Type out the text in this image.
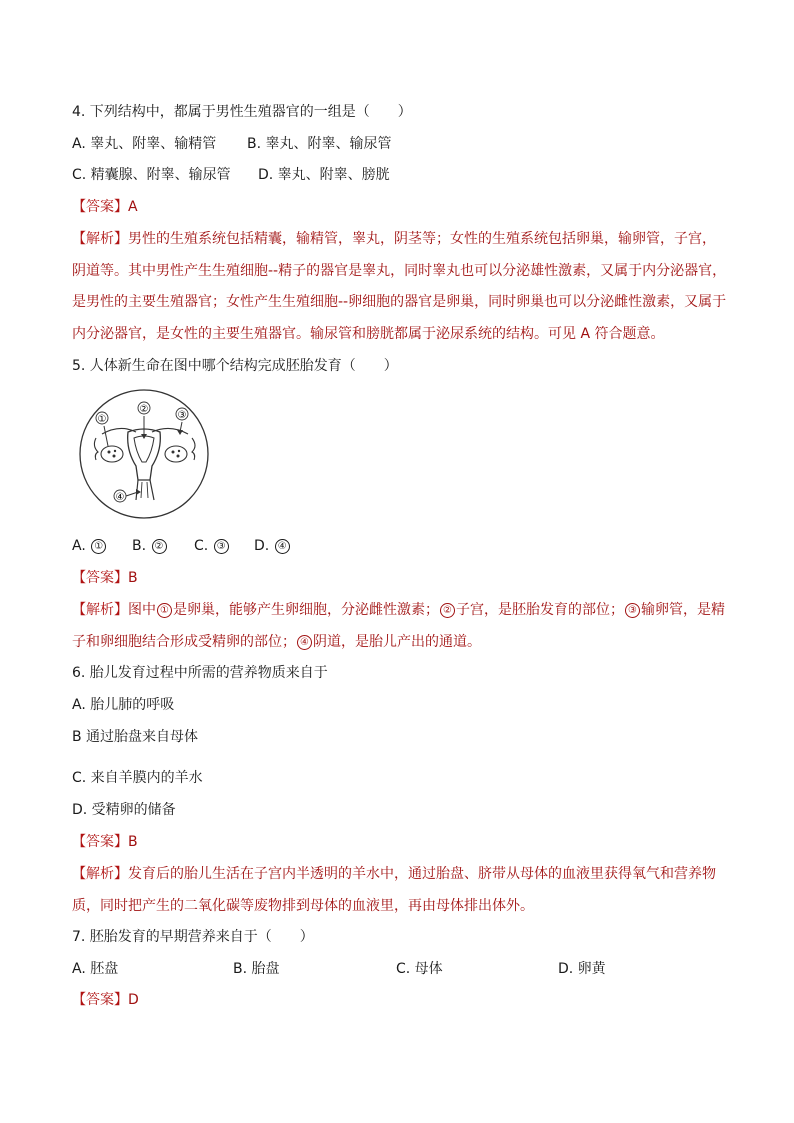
4. 下列结构中，都属于男性生殖器官的一组是（　　）
A. 睾丸、附睾、输精管 B. 睾丸、附睾、输尿管
C. 精囊腺、附睾、输尿管 D. 睾丸、附睾、膀胱
【答案】A
【解析】男性的生殖系统包括精囊，输精管，睾丸，阴茎等；女性的生殖系统包括卵巢，输卵管，子宫，
阴道等。其中男性产生生殖细胞--精子的器官是睾丸，同时睾丸也可以分泌雄性激素，又属于内分泌器官，
是男性的主要生殖器官；女性产生生殖细胞--卵细胞的器官是卵巢，同时卵巢也可以分泌雌性激素，又属于
内分泌器官，是女性的主要生殖器官。输尿管和膀胱都属于泌尿系统的结构。可见 A 符合题意。
5. 人体新生命在图中哪个结构完成胚胎发育（　　）
①
②
③
④
A. ① B. ② C. ③ D. ④
【答案】B
【解析】图中 ① 是卵巢，能够产生卵细胞，分泌雌性激素； ② 子宫，是胚胎发育的部位； ③ 输卵管，是精
子和卵细胞结合形成受精卵的部位； ④ 阴道，是胎儿产出的通道。
6. 胎儿发育过程中所需的营养物质来自于
A. 胎儿肺的呼吸
B 通过胎盘来自母体
C. 来自羊膜内的羊水
D. 受精卵的储备
【答案】B
【解析】发育后的胎儿生活在子宫内半透明的羊水中，通过胎盘、脐带从母体的血液里获得氧气和营养物
质，同时把产生的二氧化碳等废物排到母体的血液里，再由母体排出体外。
7. 胚胎发育的早期营养来自于（　　）
A. 胚盘	B. 胎盘	C. 母体	D. 卵黄
【答案】D
